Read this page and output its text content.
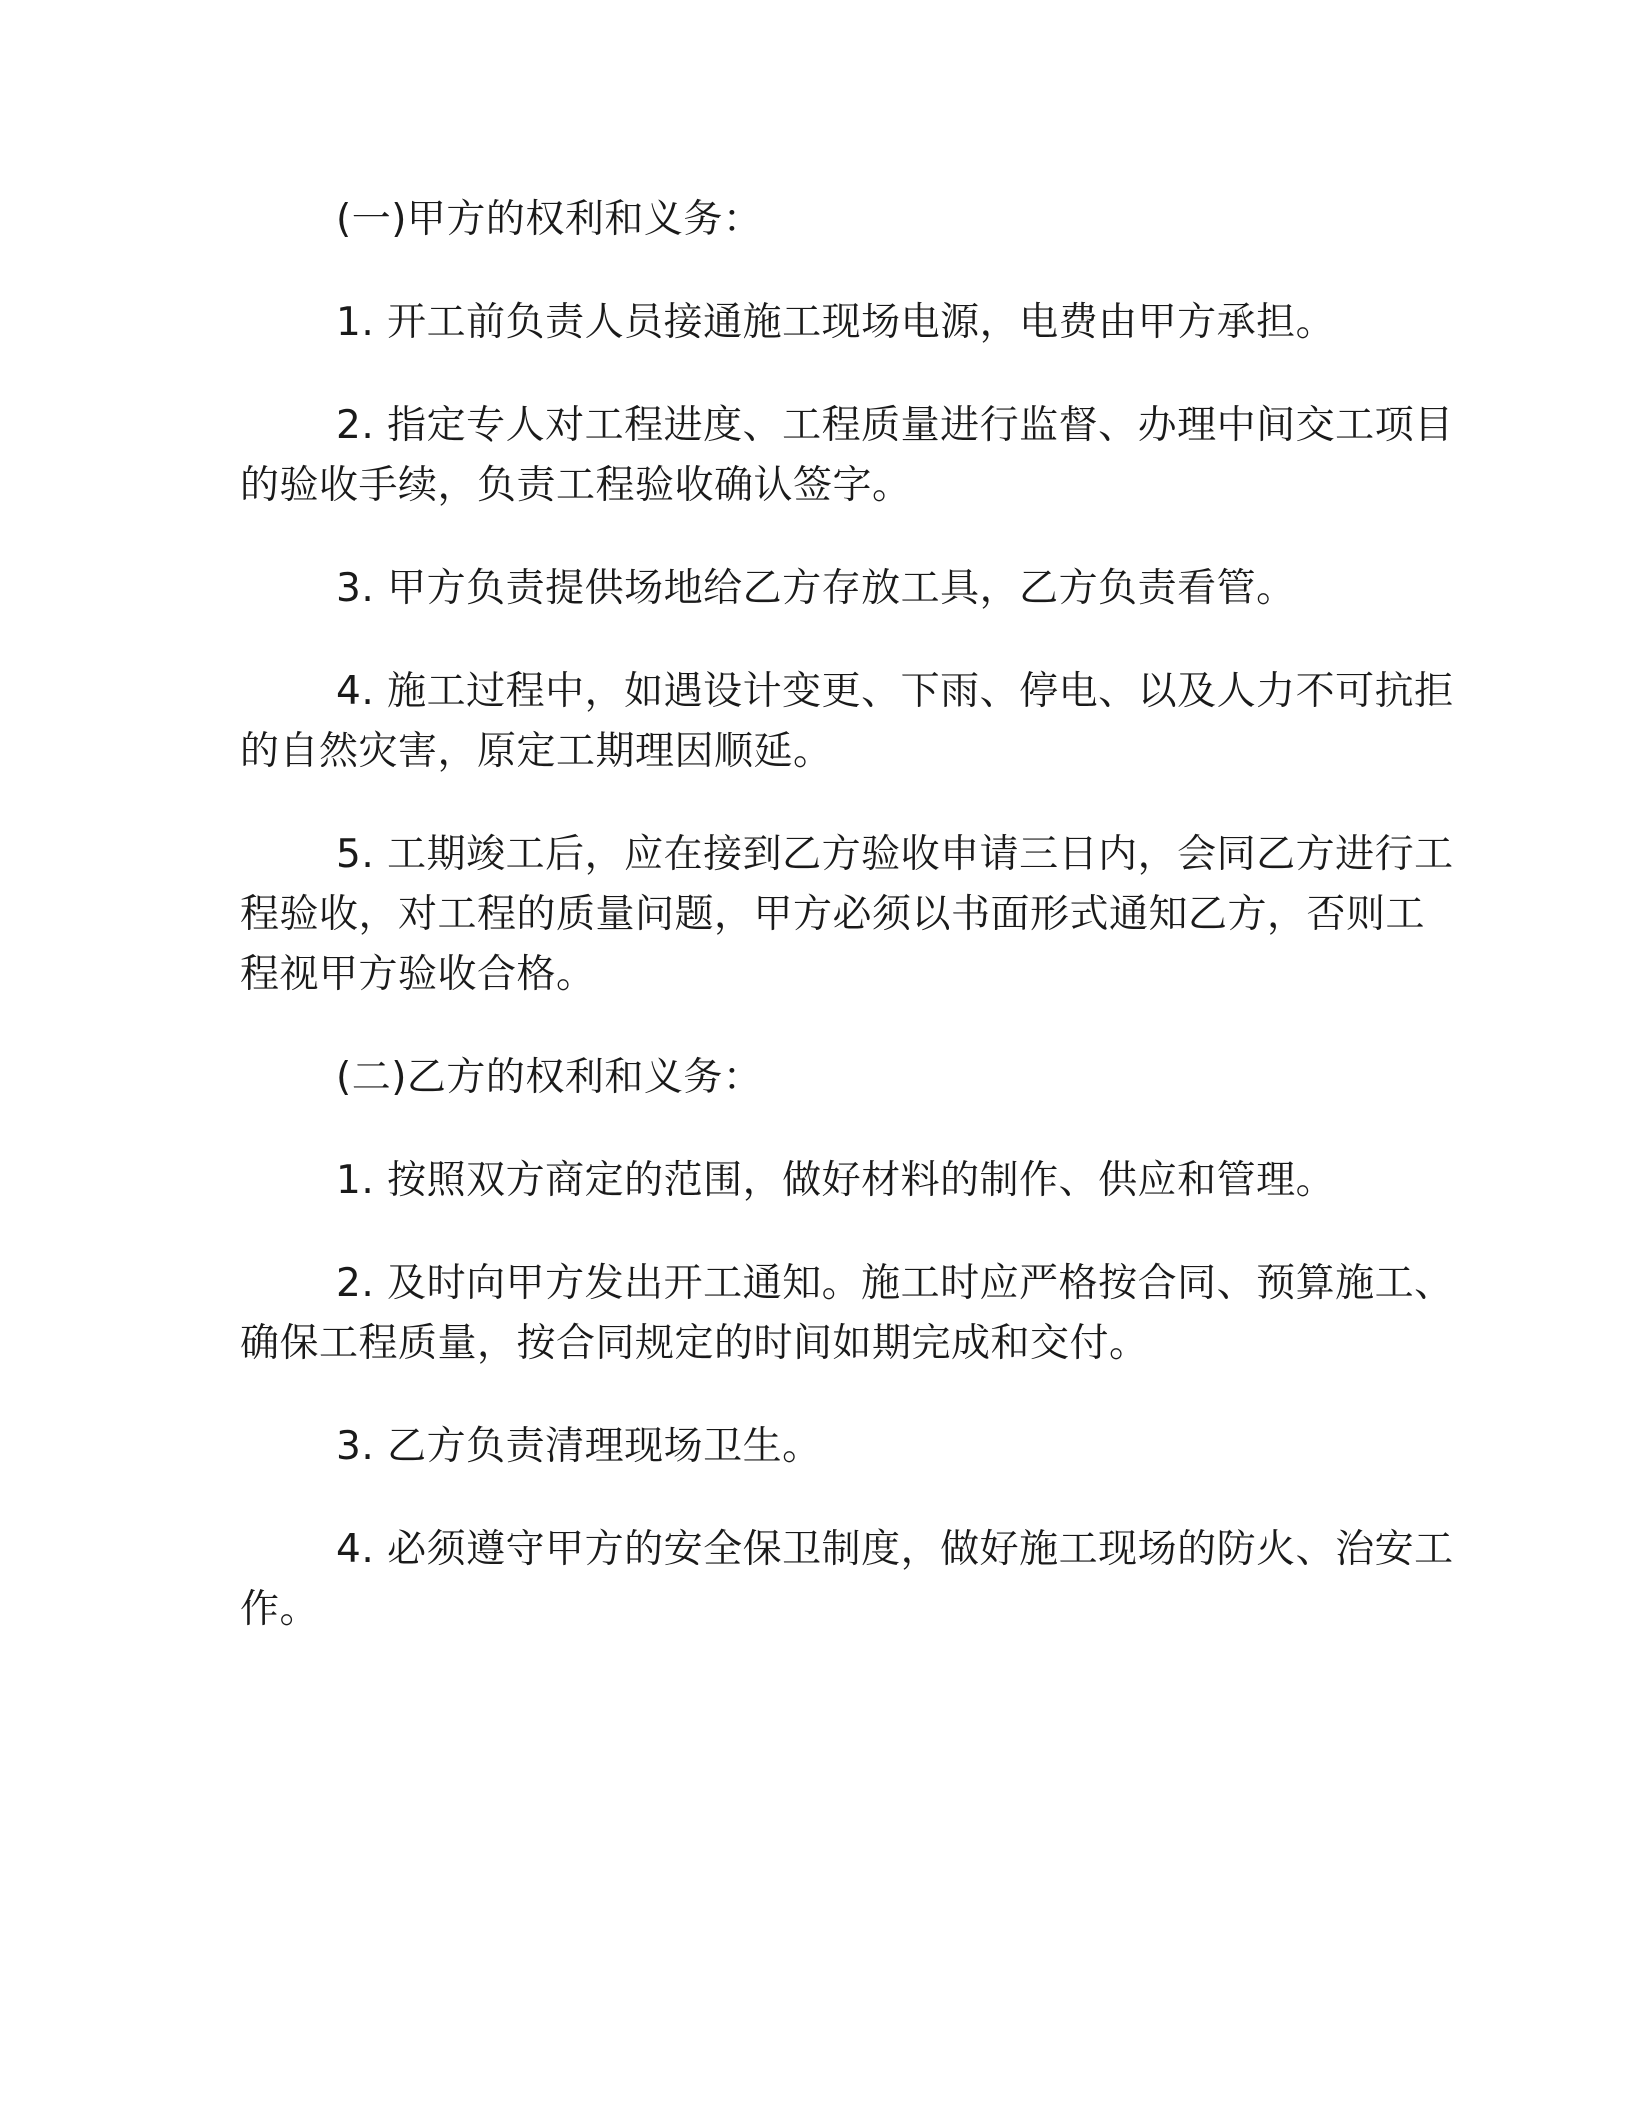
(一)甲方的权利和义务：

1. 开工前负责人员接通施工现场电源，电费由甲方承担。

2. 指定专人对工程进度、工程质量进行监督、办理中间交工项目
的验收手续，负责工程验收确认签字。

3. 甲方负责提供场地给乙方存放工具，乙方负责看管。

4. 施工过程中，如遇设计变更、下雨、停电、以及人力不可抗拒
的自然灾害，原定工期理因顺延。

5. 工期竣工后，应在接到乙方验收申请三日内，会同乙方进行工
程验收，对工程的质量问题，甲方必须以书面形式通知乙方，否则工
程视甲方验收合格。

(二)乙方的权利和义务：

1. 按照双方商定的范围，做好材料的制作、供应和管理。

2. 及时向甲方发出开工通知。施工时应严格按合同、预算施工、
确保工程质量，按合同规定的时间如期完成和交付。

3. 乙方负责清理现场卫生。

4. 必须遵守甲方的安全保卫制度，做好施工现场的防火、治安工
作。
